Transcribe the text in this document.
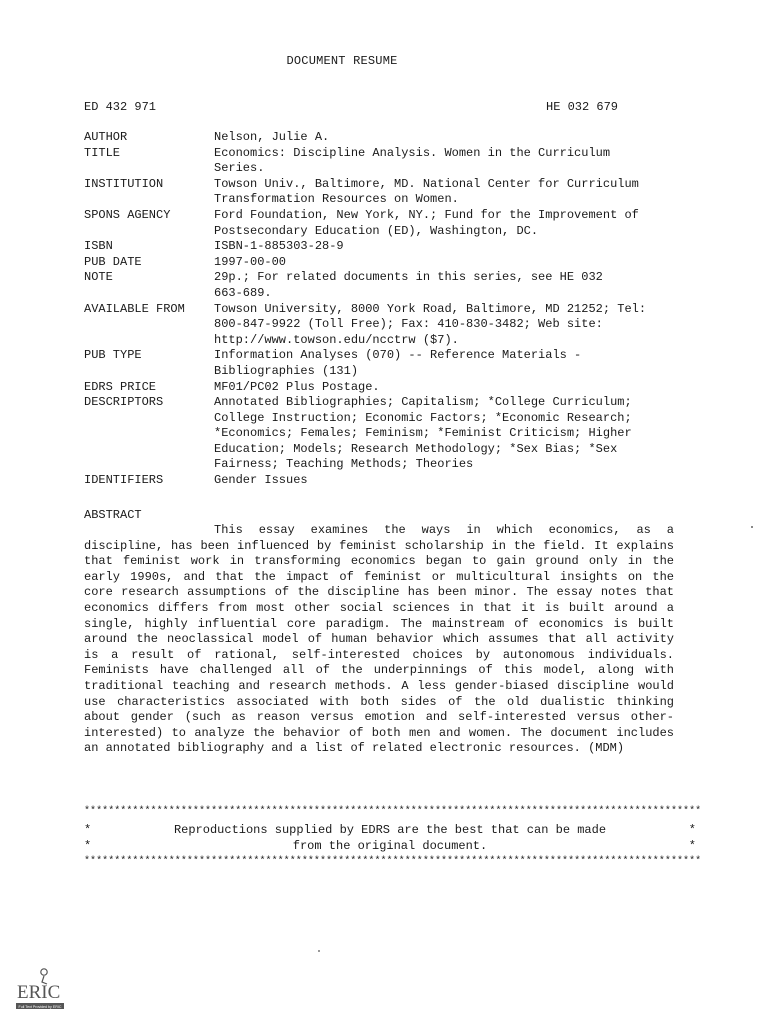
DOCUMENT RESUME
ED 432 971	HE 032 679
AUTHOR	Nelson, Julie A.
TITLE	Economics: Discipline Analysis. Women in the Curriculum
Series.
INSTITUTION	Towson Univ., Baltimore, MD. National Center for Curriculum
Transformation Resources on Women.
SPONS AGENCY	Ford Foundation, New York, NY.; Fund for the Improvement of
Postsecondary Education (ED), Washington, DC.
ISBN	ISBN-1-885303-28-9
PUB DATE	1997-00-00
NOTE	29p.; For related documents in this series, see HE 032
663-689.
AVAILABLE FROM	Towson University, 8000 York Road, Baltimore, MD 21252; Tel:
800-847-9922 (Toll Free); Fax: 410-830-3482; Web site:
http://www.towson.edu/ncctrw ($7).
PUB TYPE	Information Analyses (070) -- Reference Materials -
Bibliographies (131)
EDRS PRICE	MF01/PC02 Plus Postage.
DESCRIPTORS	Annotated Bibliographies; Capitalism; *College Curriculum;
College Instruction; Economic Factors; *Economic Research;
*Economics; Females; Feminism; *Feminist Criticism; Higher
Education; Models; Research Methodology; *Sex Bias; *Sex
Fairness; Teaching Methods; Theories
IDENTIFIERS	Gender Issues
ABSTRACT

This essay examines the ways in which economics, as a discipline, has been influenced by feminist scholarship in the field. It explains that feminist work in transforming economics began to gain ground only in the early 1990s, and that the impact of feminist or multicultural insights on the core research assumptions of the discipline has been minor. The essay notes that economics differs from most other social sciences in that it is built around a single, highly influential core paradigm. The mainstream of economics is built around the neoclassical model of human behavior which assumes that all activity is a result of rational, self-interested choices by autonomous individuals. Feminists have challenged all of the underpinnings of this model, along with traditional teaching and research methods. A less gender-biased discipline would use characteristics associated with both sides of the old dualistic thinking about gender (such as reason versus emotion and self-interested versus other-interested) to analyze the behavior of both men and women. The document includes an annotated bibliography and a list of related electronic resources. (MDM)

******************************************************************************************************
*	Reproductions supplied by EDRS are the best that can be made	*
*	from the original document.	*
******************************************************************************************************
ERIC
Full Text Provided by ERIC
